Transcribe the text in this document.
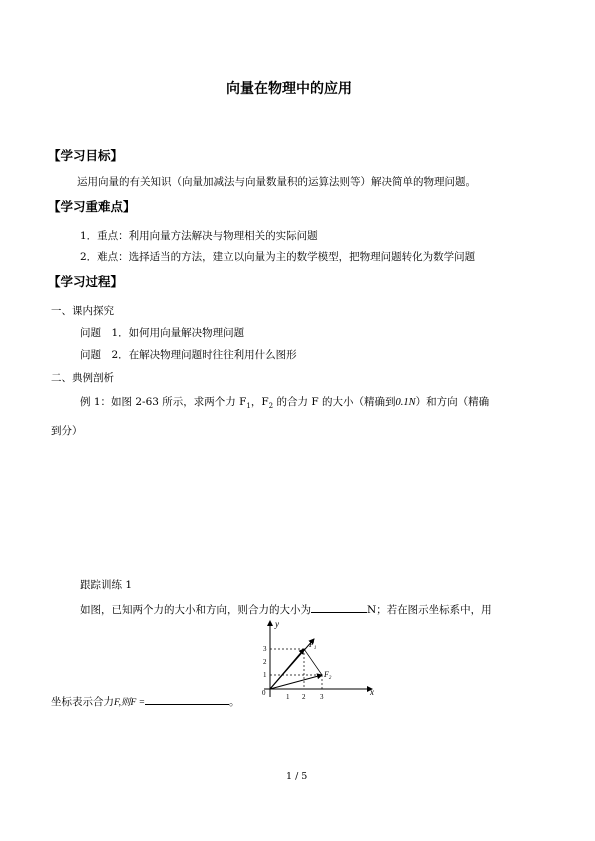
向量在物理中的应用
【学习目标】
运用向量的有关知识（向量加减法与向量数量积的运算法则等）解决简单的物理问题。
【学习重难点】
1．重点：利用向量方法解决与物理相关的实际问题
2．难点：选择适当的方法，建立以向量为主的数学模型，把物理问题转化为数学问题
【学习过程】
一、课内探究
问题　1．如何用向量解决物理问题
问题　2．在解决物理问题时往往利用什么图形
二、典例剖析
例 1：如图 2-63 所示，求两个力 $F_1$，$F_2$ 的合力 F 的大小（精确到0.1N）和方向（精确
到分）
跟踪训练 1
如图，已知两个力的大小和方向，则合力的大小为	N；若在图示坐标系中，用
坐标表示合力F,则F =	。
y
x
0
$F_1$
$F_2$
1 2 3
1
2
3
1 / 5
